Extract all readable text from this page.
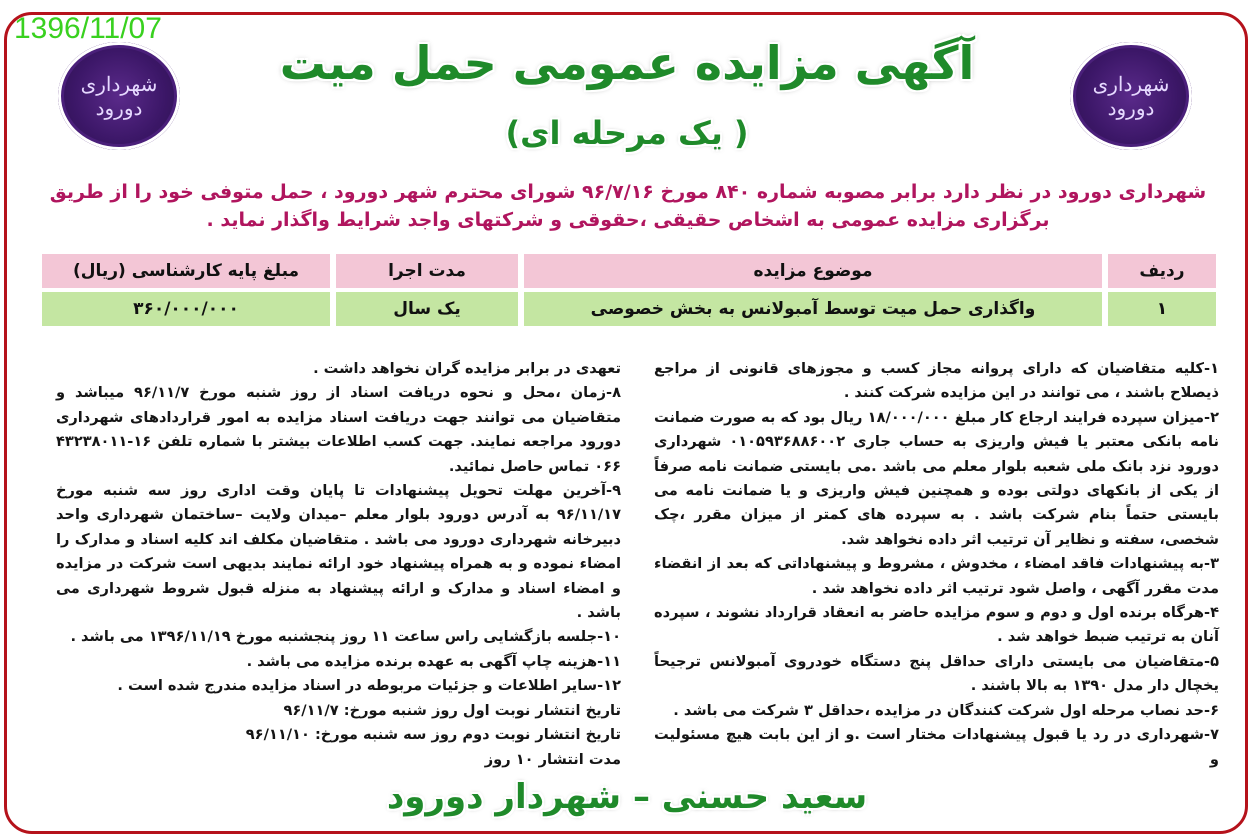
1396/11/07
شهرداری دورود
شهرداری دورود
آگهی مزایده عمومی حمل میت
( یک مرحله ای)
شهرداری دورود در نظر دارد برابر مصوبه شماره ۸۴۰ مورخ ۹۶/۷/۱۶ شورای محترم شهر دورود ، حمل متوفی خود را از طریق برگزاری مزایده عمومی به اشخاص حقیقی ،حقوقی و شرکتهای واجد شرایط واگذار نماید .
ردیف	موضوع مزایده	مدت اجرا	مبلغ پایه کارشناسی (ریال)
۱	واگذاری حمل میت توسط آمبولانس به بخش خصوصی	یک سال	۳۶۰/۰۰۰/۰۰۰

۱-کلیه متقاضیان که دارای پروانه مجاز کسب و مجوزهای قانونی از مراجع ذیصلاح باشند ، می توانند در این مزایده شرکت کنند .

۲-میزان سپرده فرایند ارجاع کار مبلغ ۱۸/۰۰۰/۰۰۰ ریال بود که به صورت ضمانت نامه بانکی معتبر یا فیش واریزی به حساب جاری ۰۱۰۵۹۳۶۸۸۶۰۰۲ شهرداری دورود نزد بانک ملی شعبه بلوار معلم می باشد .می بایستی ضمانت نامه صرفاً از یکی از بانکهای دولتی بوده و همچنین فیش واریزی و یا ضمانت نامه می بایستی حتماً بنام شرکت باشد . به سپرده های کمتر از میزان مقرر ،چک شخصی، سفته و نظایر آن ترتیب اثر داده نخواهد شد.

۳-به پیشنهادات فاقد امضاء ، مخدوش ، مشروط و پیشنهاداتی که بعد از انقضاء مدت مقرر آگهی ، واصل شود ترتیب اثر داده نخواهد شد .

۴-هرگاه برنده اول و دوم و سوم مزایده حاضر به انعقاد قرارداد نشوند ، سپرده آنان به ترتیب ضبط خواهد شد .

۵-متقاضیان می بایستی دارای حداقل پنج دستگاه خودروی آمبولانس ترجیحاً یخچال دار مدل ۱۳۹۰ به بالا باشند .

۶-حد نصاب مرحله اول شرکت کنندگان در مزایده ،حداقل ۳ شرکت می باشد .

۷-شهرداری در رد یا قبول پیشنهادات مختار است .و از این بابت هیچ مسئولیت و

تعهدی در برابر مزایده گران نخواهد داشت .

۸-زمان ،محل و نحوه دریافت اسناد از روز شنبه مورخ ۹۶/۱۱/۷ میباشد و متقاضیان می توانند جهت دریافت اسناد مزایده به امور قراردادهای شهرداری دورود مراجعه نمایند. جهت کسب اطلاعات بیشتر با شماره تلفن ۱۶-۴۳۲۳۸۰۱۱ ۰۶۶ تماس حاصل نمائید.

۹-آخرین مهلت تحویل پیشنهادات تا پایان وقت اداری روز سه شنبه مورخ ۹۶/۱۱/۱۷ به آدرس دورود بلوار معلم –میدان ولایت –ساختمان شهرداری واحد دبیرخانه شهرداری دورود می باشد . متقاضیان مکلف اند کلیه اسناد و مدارک را امضاء نموده و به همراه پیشنهاد خود ارائه نمایند بدیهی است شرکت در مزایده و امضاء اسناد و مدارک و ارائه پیشنهاد به منزله قبول شروط شهرداری می باشد .

۱۰-جلسه بازگشایی راس ساعت ۱۱ روز پنجشنبه مورخ ۱۳۹۶/۱۱/۱۹ می باشد .

۱۱-هزینه چاپ آگهی به عهده برنده مزایده می باشد .

۱۲-سایر اطلاعات و جزئیات مربوطه در اسناد مزایده مندرج شده است .

تاریخ انتشار نوبت اول روز شنبه مورخ: ۹۶/۱۱/۷

تاریخ انتشار نوبت دوم روز سه شنبه مورخ: ۹۶/۱۱/۱۰

مدت انتشار ۱۰ روز

سعید حسنی – شهردار دورود
